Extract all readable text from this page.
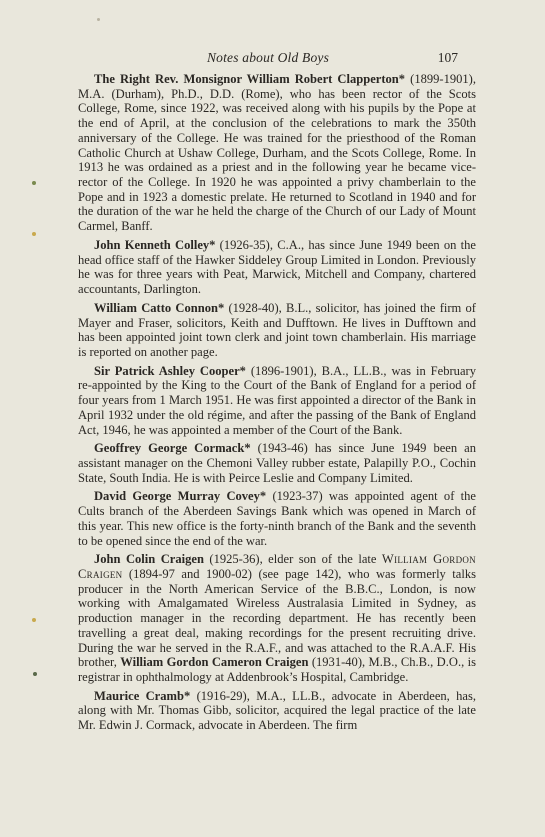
Notes about Old Boys	107

The Right Rev. Monsignor William Robert Clapperton* (1899-1901), M.A. (Durham), Ph.D., D.D. (Rome), who has been rector of the Scots College, Rome, since 1922, was received along with his pupils by the Pope at the end of April, at the conclusion of the celebrations to mark the 350th anniversary of the College. He was trained for the priesthood of the Roman Catholic Church at Ushaw College, Durham, and the Scots College, Rome. In 1913 he was ordained as a priest and in the following year he became vice-rector of the College. In 1920 he was appointed a privy chamberlain to the Pope and in 1923 a domestic prelate. He returned to Scotland in 1940 and for the duration of the war he held the charge of the Church of our Lady of Mount Carmel, Banff.

John Kenneth Colley* (1926-35), C.A., has since June 1949 been on the head office staff of the Hawker Siddeley Group Limited in London. Previously he was for three years with Peat, Marwick, Mitchell and Company, chartered accountants, Darlington.

William Catto Connon* (1928-40), B.L., solicitor, has joined the firm of Mayer and Fraser, solicitors, Keith and Dufftown. He lives in Dufftown and has been appointed joint town clerk and joint town chamberlain. His marriage is reported on another page.

Sir Patrick Ashley Cooper* (1896-1901), B.A., LL.B., was in February re-appointed by the King to the Court of the Bank of England for a period of four years from 1 March 1951. He was first appointed a director of the Bank in April 1932 under the old régime, and after the passing of the Bank of England Act, 1946, he was appointed a member of the Court of the Bank.

Geoffrey George Cormack* (1943-46) has since June 1949 been an assistant manager on the Chemoni Valley rubber estate, Palapilly P.O., Cochin State, South India. He is with Peirce Leslie and Company Limited.

David George Murray Covey* (1923-37) was appointed agent of the Cults branch of the Aberdeen Savings Bank which was opened in March of this year. This new office is the forty-ninth branch of the Bank and the seventh to be opened since the end of the war.

John Colin Craigen (1925-36), elder son of the late William Gordon Craigen (1894-97 and 1900-02) (see page 142), who was formerly talks producer in the North American Service of the B.B.C., London, is now working with Amalgamated Wireless Australasia Limited in Sydney, as production manager in the recording department. He has recently been travelling a great deal, making recordings for the present recruiting drive. During the war he served in the R.A.F., and was attached to the R.A.A.F. His brother, William Gordon Cameron Craigen (1931-40), M.B., Ch.B., D.O., is registrar in ophthalmology at Addenbrook’s Hospital, Cambridge.

Maurice Cramb* (1916-29), M.A., LL.B., advocate in Aberdeen, has, along with Mr. Thomas Gibb, solicitor, acquired the legal practice of the late Mr. Edwin J. Cormack, advocate in Aberdeen. The firm
